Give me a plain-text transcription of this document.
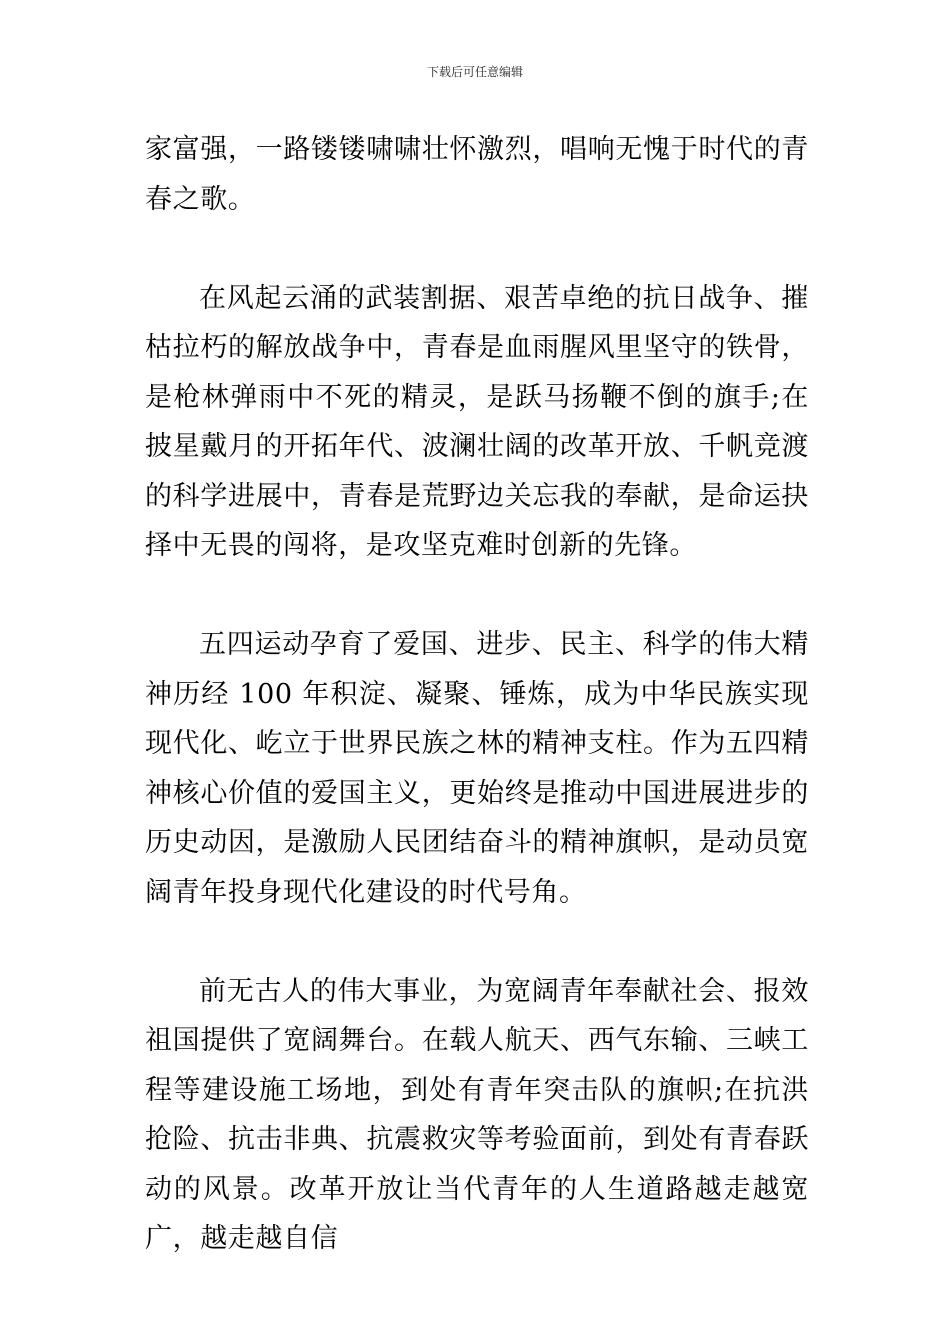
下载后可任意编辑

家富强，一路镂镂啸啸壮怀激烈，唱响无愧于时代的青春之歌。

在风起云涌的武装割据、艰苦卓绝的抗日战争、摧枯拉朽的解放战争中，青春是血雨腥风里坚守的铁骨，是枪林弹雨中不死的精灵，是跃马扬鞭不倒的旗手;在披星戴月的开拓年代、波澜壮阔的改革开放、千帆竞渡的科学进展中，青春是荒野边关忘我的奉献，是命运抉择中无畏的闯将，是攻坚克难时创新的先锋。

五四运动孕育了爱国、进步、民主、科学的伟大精神历经 100 年积淀、凝聚、锤炼，成为中华民族实现现代化、屹立于世界民族之林的精神支柱。作为五四精神核心价值的爱国主义，更始终是推动中国进展进步的历史动因，是激励人民团结奋斗的精神旗帜，是动员宽阔青年投身现代化建设的时代号角。

前无古人的伟大事业，为宽阔青年奉献社会、报效祖国提供了宽阔舞台。在载人航天、西气东输、三峡工程等建设施工场地，到处有青年突击队的旗帜;在抗洪抢险、抗击非典、抗震救灾等考验面前，到处有青春跃动的风景。改革开放让当代青年的人生道路越走越宽广，越走越自信
